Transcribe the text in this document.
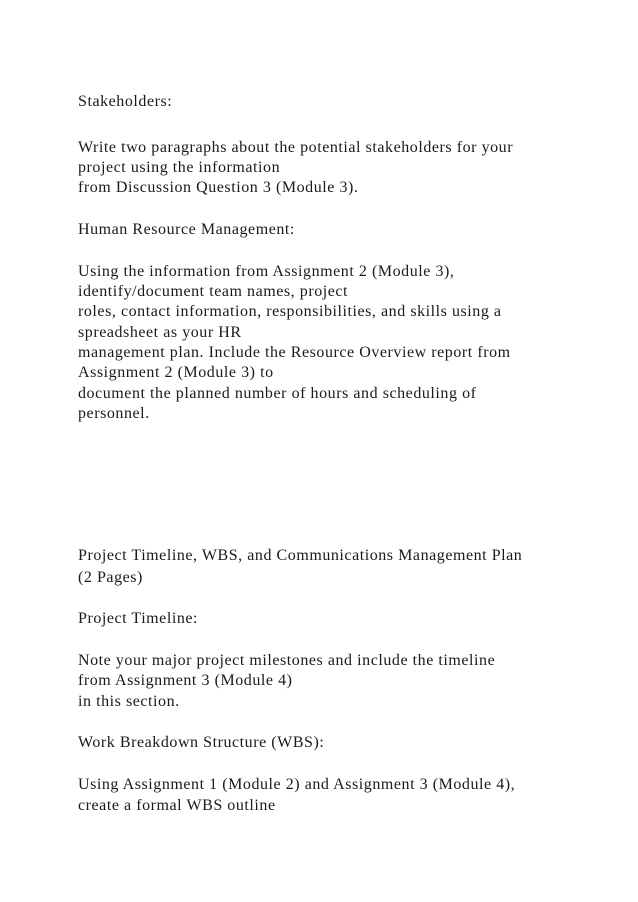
Stakeholders:

Write two paragraphs about the potential stakeholders for your

project using the information

from Discussion Question 3 (Module 3).

Human Resource Management:

Using the information from Assignment 2 (Module 3),

identify/document team names, project

roles, contact information, responsibilities, and skills using a

spreadsheet as your HR

management plan. Include the Resource Overview report from

Assignment 2 (Module 3) to

document the planned number of hours and scheduling of

personnel.

Project Timeline, WBS, and Communications Management Plan

(2 Pages)

Project Timeline:

Note your major project milestones and include the timeline

from Assignment 3 (Module 4)

in this section.

Work Breakdown Structure (WBS):

Using Assignment 1 (Module 2) and Assignment 3 (Module 4),

create a formal WBS outline
